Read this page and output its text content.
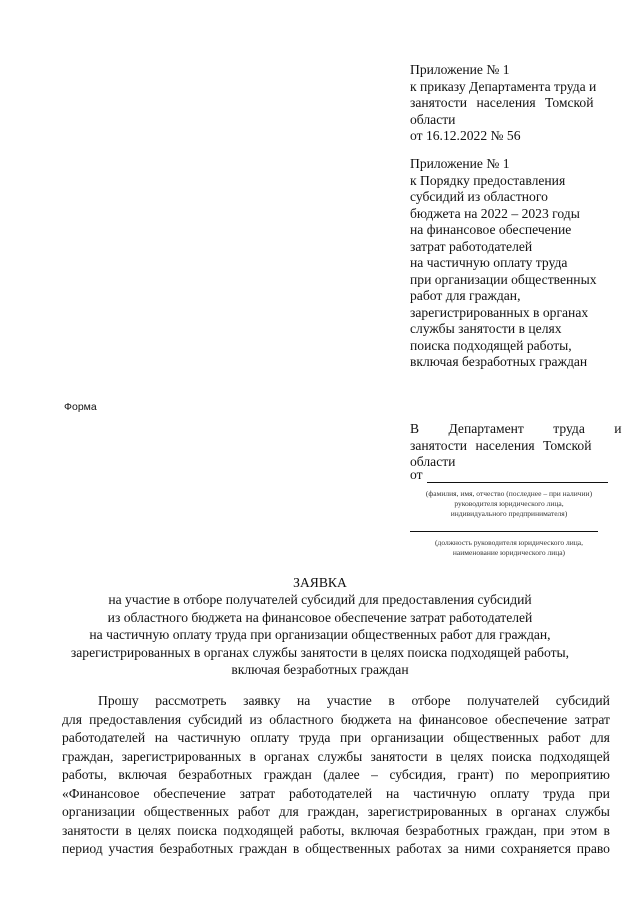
Приложение № 1
к приказу Департамента труда и
занятости населения Томской
области
от 16.12.2022 № 56
Приложение № 1
к Порядку предоставления
субсидий из областного
бюджета на 2022 – 2023 годы
на финансовое обеспечение
затрат работодателей
на частичную оплату труда
при организации общественных
работ для граждан,
зарегистрированных в органах
службы занятости в целях
поиска подходящей работы,
включая безработных граждан
Форма
В Департамент труда и
занятости населения Томской
области
от
(фамилия, имя, отчество (последнее – при наличии)
руководителя юридического лица,
индивидуального предпринимателя)
(должность руководителя юридического лица,
наименование юридического лица)
ЗАЯВКА
на участие в отборе получателей субсидий для предоставления субсидий
из областного бюджета на финансовое обеспечение затрат работодателей
на частичную оплату труда при организации общественных работ для граждан,
зарегистрированных в органах службы занятости в целях поиска подходящей работы,
включая безработных граждан
Прошу рассмотреть заявку на участие в отборе получателей субсидий
для предоставления субсидий из областного бюджета на финансовое обеспечение затрат
работодателей на частичную оплату труда при организации общественных работ для
граждан, зарегистрированных в органах службы занятости в целях поиска подходящей
работы, включая безработных граждан (далее – субсидия, грант) по мероприятию
«Финансовое обеспечение затрат работодателей на частичную оплату труда при
организации общественных работ для граждан, зарегистрированных в органах службы
занятости в целях поиска подходящей работы, включая безработных граждан, при этом в
период участия безработных граждан в общественных работах за ними сохраняется право
